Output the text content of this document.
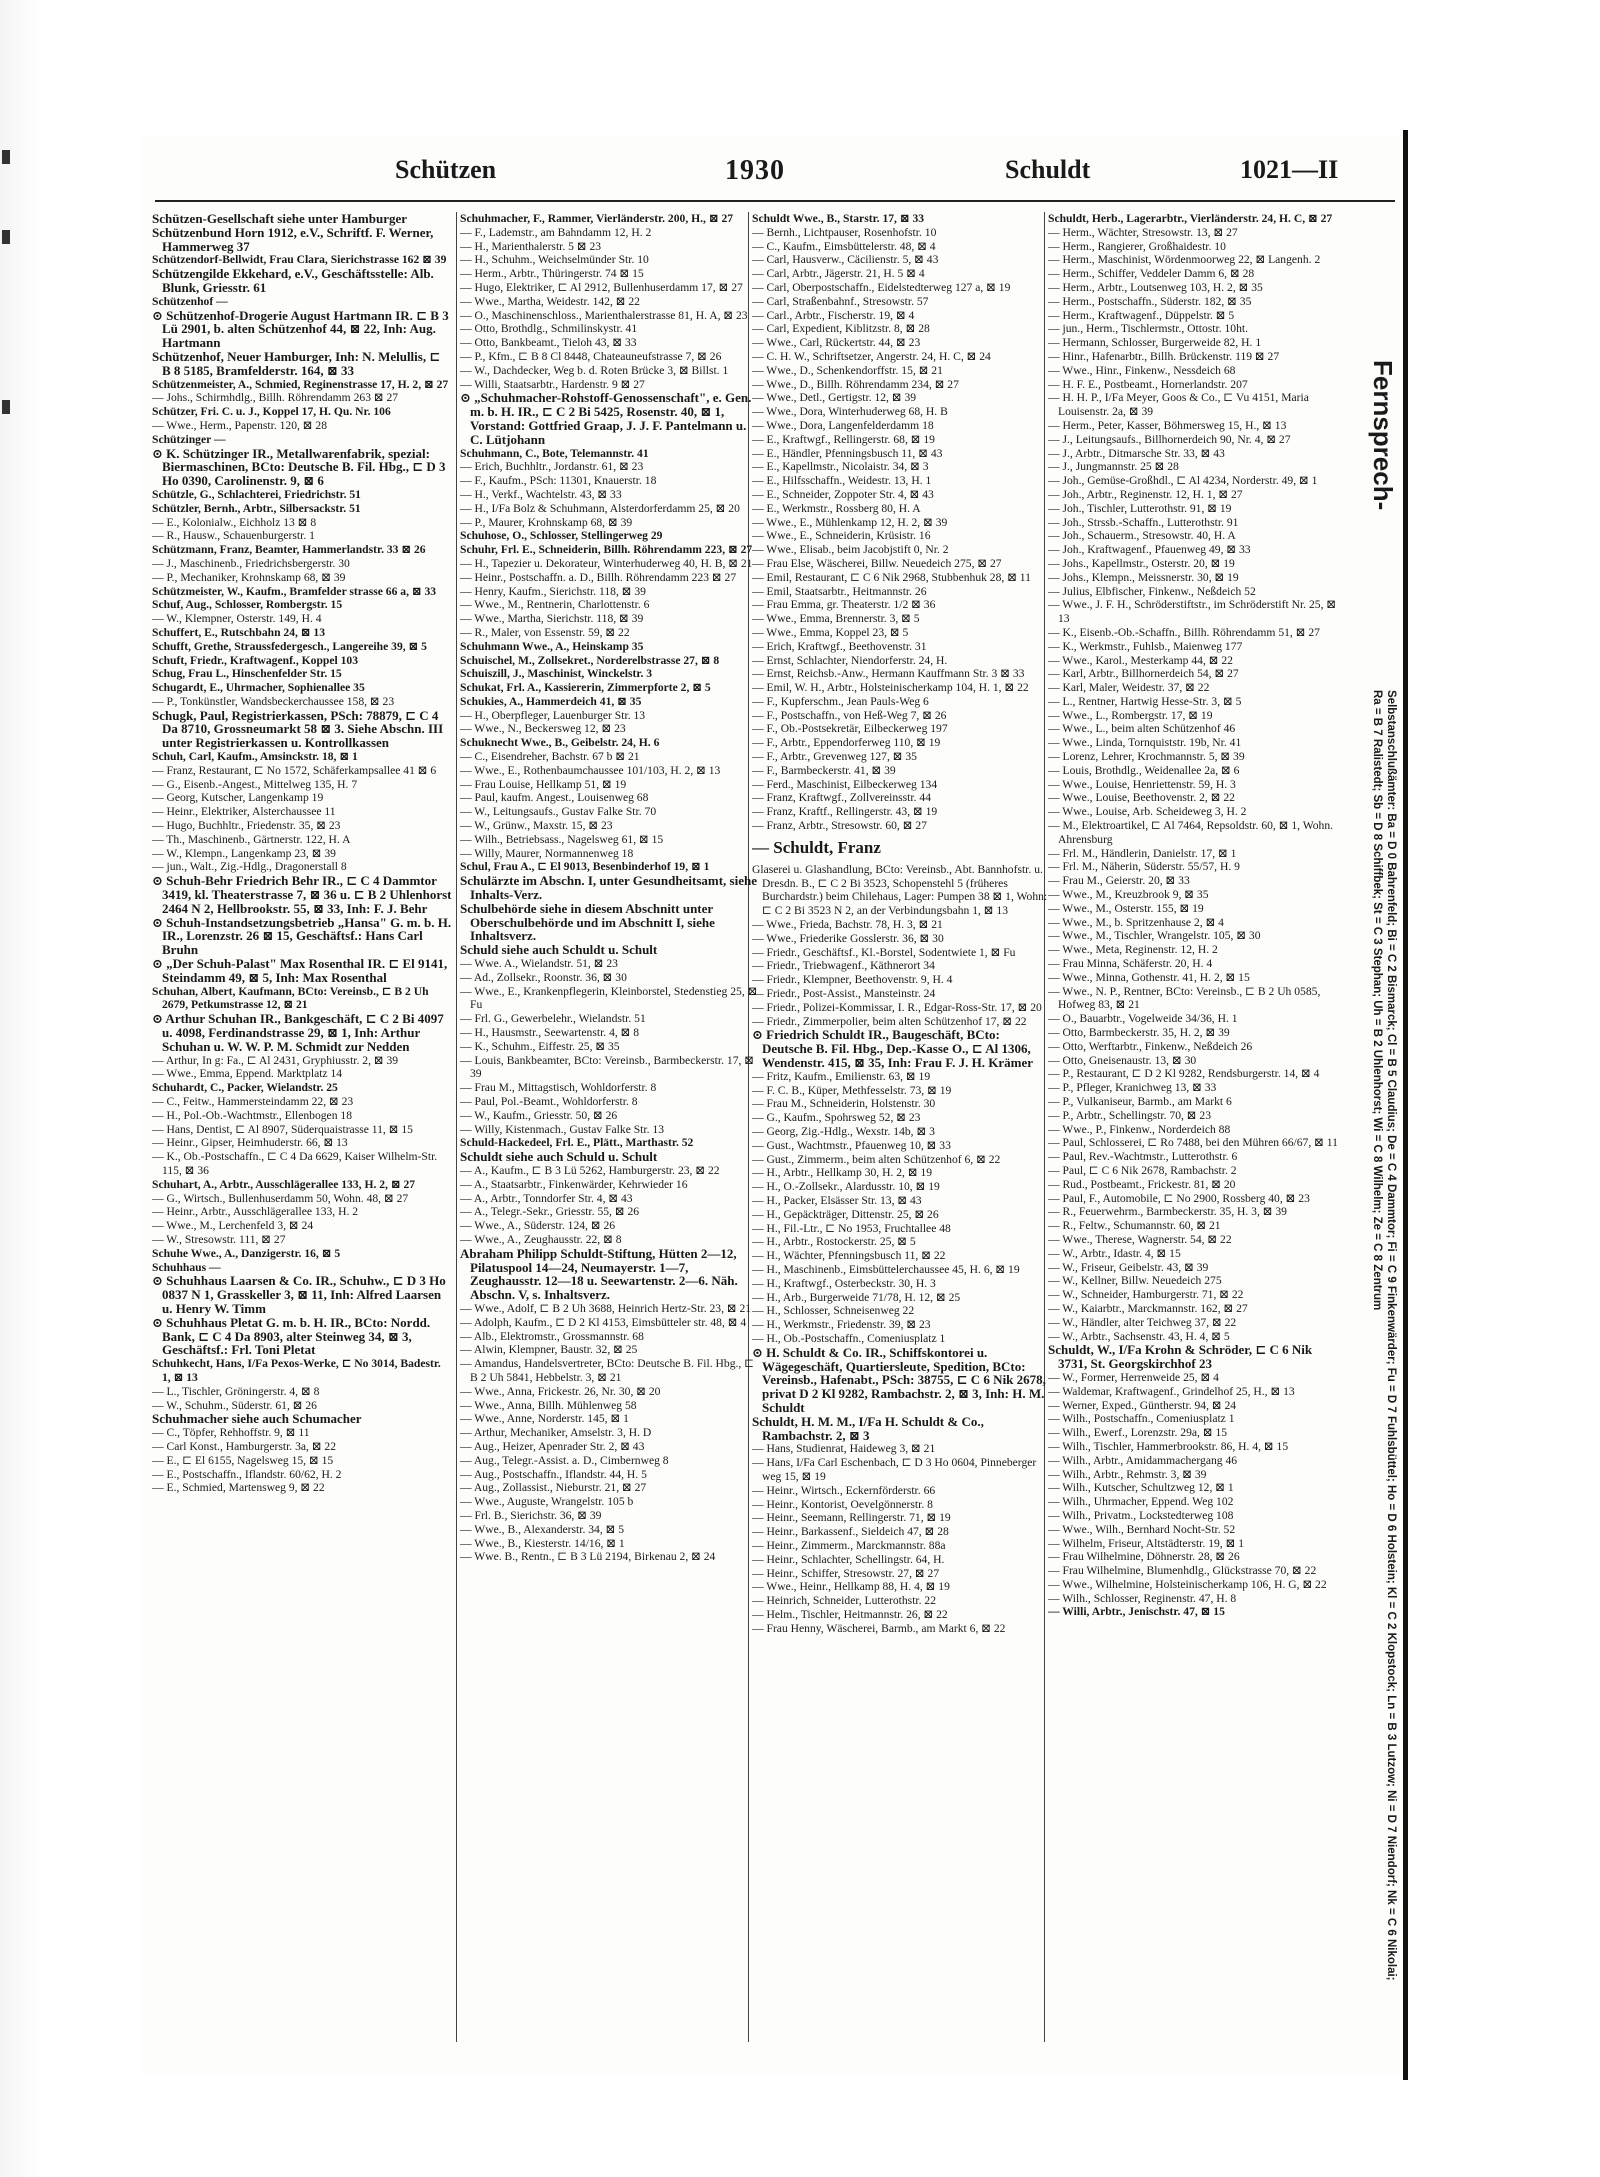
Schützen	1930	Schuldt	1021—II

Schützen-Gesellschaft siehe unter Hamburger

Schützenbund Horn 1912, e.V., Schriftf. F. Werner, Hammerweg 37

Schützendorf-Bellwidt, Frau Clara, Sierichstrasse 162 ⊠ 39

Schützengilde Ekkehard, e.V., Geschäftsstelle: Alb. Blunk, Griesstr. 61

Schützenhof —

⊙ Schützenhof-Drogerie August Hartmann IR. ⊏ B 3 Lü 2901, b. alten Schützenhof 44, ⊠ 22, Inh: Aug. Hartmann

Schützenhof, Neuer Hamburger, Inh: N. Melullis, ⊏ B 8 5185, Bramfelderstr. 164, ⊠ 33

Schützenmeister, A., Schmied, Reginenstrasse 17, H. 2, ⊠ 27

— Johs., Schirmhdlg., Billh. Röhrendamm 263 ⊠ 27

Schützer, Fri. C. u. J., Koppel 17, H. Qu. Nr. 106

— Wwe., Herm., Papenstr. 120, ⊠ 28

Schützinger —

⊙ K. Schützinger IR., Metallwarenfabrik, spezial: Biermaschinen, BCto: Deutsche B. Fil. Hbg., ⊏ D 3 Ho 0390, Carolinenstr. 9, ⊠ 6

Schützle, G., Schlachterei, Friedrichstr. 51

Schützler, Bernh., Arbtr., Silbersackstr. 51

— E., Kolonialw., Eichholz 13 ⊠ 8

— R., Hausw., Schauenburgerstr. 1

Schützmann, Franz, Beamter, Hammerlandstr. 33 ⊠ 26

— J., Maschinenb., Friedrichsbergerstr. 30

— P., Mechaniker, Krohnskamp 68, ⊠ 39

Schützmeister, W., Kaufm., Bramfelder strasse 66 a, ⊠ 33

Schuf, Aug., Schlosser, Rombergstr. 15

— W., Klempner, Osterstr. 149, H. 4

Schuffert, E., Rutschbahn 24, ⊠ 13

Schufft, Grethe, Straussfedergesch., Langereihe 39, ⊠ 5

Schuft, Friedr., Kraftwagenf., Koppel 103

Schug, Frau L., Hinschenfelder Str. 15

Schugardt, E., Uhrmacher, Sophienallee 35

— P., Tonkünstler, Wandsbeckerchaussee 158, ⊠ 23

Schugk, Paul, Registrierkassen, PSch: 78879, ⊏ C 4 Da 8710, Grossneumarkt 58 ⊠ 3. Siehe Abschn. III unter Registrierkassen u. Kontrollkassen

Schuh, Carl, Kaufm., Amsinckstr. 18, ⊠ 1

— Franz, Restaurant, ⊏ No 1572, Schäferkampsallee 41 ⊠ 6

— G., Eisenb.-Angest., Mittelweg 135, H. 7

— Georg, Kutscher, Langenkamp 19

— Heinr., Elektriker, Alsterchaussee 11

— Hugo, Buchhltr., Friedenstr. 35, ⊠ 23

— Th., Maschinenb., Gärtnerstr. 122, H. A

— W., Klempn., Langenkamp 23, ⊠ 39

— jun., Walt., Zig.-Hdlg., Dragonerstall 8

⊙ Schuh-Behr Friedrich Behr IR., ⊏ C 4 Dammtor 3419, kl. Theaterstrasse 7, ⊠ 36 u. ⊏ B 2 Uhlenhorst 2464 N 2, Hellbrookstr. 55, ⊠ 33, Inh: F. J. Behr

⊙ Schuh-Instandsetzungsbetrieb „Hansa" G. m. b. H. IR., Lorenzstr. 26 ⊠ 15, Geschäftsf.: Hans Carl Bruhn

⊙ „Der Schuh-Palast" Max Rosenthal IR. ⊏ El 9141, Steindamm 49, ⊠ 5, Inh: Max Rosenthal

Schuhan, Albert, Kaufmann, BCto: Vereinsb., ⊏ B 2 Uh 2679, Petkumstrasse 12, ⊠ 21

⊙ Arthur Schuhan IR., Bankgeschäft, ⊏ C 2 Bi 4097 u. 4098, Ferdinandstrasse 29, ⊠ 1, Inh: Arthur Schuhan u. W. W. P. M. Schmidt zur Nedden

— Arthur, In g: Fa., ⊏ Al 2431, Gryphiusstr. 2, ⊠ 39

— Wwe., Emma, Eppend. Marktplatz 14

Schuhardt, C., Packer, Wielandstr. 25

— C., Feitw., Hammersteindamm 22, ⊠ 23

— H., Pol.-Ob.-Wachtmstr., Ellenbogen 18

— Hans, Dentist, ⊏ Al 8907, Süderquaistrasse 11, ⊠ 15

— Heinr., Gipser, Heimhuderstr. 66, ⊠ 13

— K., Ob.-Postschaffn., ⊏ C 4 Da 6629, Kaiser Wilhelm-Str. 115, ⊠ 36

Schuhart, A., Arbtr., Ausschlägerallee 133, H. 2, ⊠ 27

— G., Wirtsch., Bullenhuserdamm 50, Wohn. 48, ⊠ 27

— Heinr., Arbtr., Ausschlägerallee 133, H. 2

— Wwe., M., Lerchenfeld 3, ⊠ 24

— W., Stresowstr. 111, ⊠ 27

Schuhe Wwe., A., Danzigerstr. 16, ⊠ 5

Schuhhaus —

⊙ Schuhhaus Laarsen & Co. IR., Schuhw., ⊏ D 3 Ho 0837 N 1, Grasskeller 3, ⊠ 11, Inh: Alfred Laarsen u. Henry W. Timm

⊙ Schuhhaus Pletat G. m. b. H. IR., BCto: Nordd. Bank, ⊏ C 4 Da 8903, alter Steinweg 34, ⊠ 3, Geschäftsf.: Frl. Toni Pletat

Schuhkecht, Hans, I/Fa Pexos-Werke, ⊏ No 3014, Badestr. 1, ⊠ 13

— L., Tischler, Gröningerstr. 4, ⊠ 8

— W., Schuhm., Süderstr. 61, ⊠ 26

Schuhmacher siehe auch Schumacher

— C., Töpfer, Rehhoffstr. 9, ⊠ 11

— Carl Konst., Hamburgerstr. 3a, ⊠ 22

— E., ⊏ El 6155, Nagelsweg 15, ⊠ 15

— E., Postschaffn., Iflandstr. 60/62, H. 2

— E., Schmied, Martensweg 9, ⊠ 22

Schuhmacher, F., Rammer, Vierländerstr. 200, H., ⊠ 27

— F., Lademstr., am Bahndamm 12, H. 2

— H., Marienthalerstr. 5 ⊠ 23

— H., Schuhm., Weichselmünder Str. 10

— Herm., Arbtr., Thüringerstr. 74 ⊠ 15

— Hugo, Elektriker, ⊏ Al 2912, Bullenhuserdamm 17, ⊠ 27

— Wwe., Martha, Weidestr. 142, ⊠ 22

— O., Maschinenschloss., Marienthalerstrasse 81, H. A, ⊠ 23

— Otto, Brothdlg., Schmilinskystr. 41

— Otto, Bankbeamt., Tieloh 43, ⊠ 33

— P., Kfm., ⊏ B 8 Cl 8448, Chateauneufstrasse 7, ⊠ 26

— W., Dachdecker, Weg b. d. Roten Brücke 3, ⊠ Billst. 1

— Willi, Staatsarbtr., Hardenstr. 9 ⊠ 27

⊙ „Schuhmacher-Rohstoff-Genossenschaft", e. Gen. m. b. H. IR., ⊏ C 2 Bi 5425, Rosenstr. 40, ⊠ 1, Vorstand: Gottfried Graap, J. J. F. Pantelmann u. C. Lütjohann

Schuhmann, C., Bote, Telemannstr. 41

— Erich, Buchhltr., Jordanstr. 61, ⊠ 23

— F., Kaufm., PSch: 11301, Knauerstr. 18

— H., Verkf., Wachtelstr. 43, ⊠ 33

— H., I/Fa Bolz & Schuhmann, Alsterdorferdamm 25, ⊠ 20

— P., Maurer, Krohnskamp 68, ⊠ 39

Schuhose, O., Schlosser, Stellingerweg 29

Schuhr, Frl. E., Schneiderin, Billh. Röhrendamm 223, ⊠ 27

— H., Tapezier u. Dekorateur, Winterhuderweg 40, H. B, ⊠ 21

— Heinr., Postschaffn. a. D., Billh. Röhrendamm 223 ⊠ 27

— Henry, Kaufm., Sierichstr. 118, ⊠ 39

— Wwe., M., Rentnerin, Charlottenstr. 6

— Wwe., Martha, Sierichstr. 118, ⊠ 39

— R., Maler, von Essenstr. 59, ⊠ 22

Schuhmann Wwe., A., Heinskamp 35

Schuischel, M., Zollsekret., Norderelbstrasse 27, ⊠ 8

Schuiszill, J., Maschinist, Winckelstr. 3

Schukat, Frl. A., Kassiererin, Zimmerpforte 2, ⊠ 5

Schukies, A., Hammerdeich 41, ⊠ 35

— H., Oberpfleger, Lauenburger Str. 13

— Wwe., N., Beckersweg 12, ⊠ 23

Schuknecht Wwe., B., Geibelstr. 24, H. 6

— C., Eisendreher, Bachstr. 67 b ⊠ 21

— Wwe., E., Rothenbaumchaussee 101/103, H. 2, ⊠ 13

— Frau Louise, Hellkamp 51, ⊠ 19

— Paul, kaufm. Angest., Louisenweg 68

— W., Leitungsaufs., Gustav Falke Str. 70

— W., Grünw., Maxstr. 15, ⊠ 23

— Wilh., Betriebsass., Nagelsweg 61, ⊠ 15

— Willy, Maurer, Normannenweg 18

Schul, Frau A., ⊏ El 9013, Besenbinderhof 19, ⊠ 1

Schulärzte im Abschn. I, unter Gesundheitsamt, siehe Inhalts-Verz.

Schulbehörde siehe in diesem Abschnitt unter Oberschulbehörde und im Abschnitt I, siehe Inhaltsverz.

Schuld siehe auch Schuldt u. Schult

— Wwe. A., Wielandstr. 51, ⊠ 23

— Ad., Zollsekr., Roonstr. 36, ⊠ 30

— Wwe., E., Krankenpflegerin, Kleinborstel, Stedenstieg 25, ⊠ Fu

— Frl. G., Gewerbelehr., Wielandstr. 51

— H., Hausmstr., Seewartenstr. 4, ⊠ 8

— K., Schuhm., Eiffestr. 25, ⊠ 35

— Louis, Bankbeamter, BCto: Vereinsb., Barmbeckerstr. 17, ⊠ 39

— Frau M., Mittagstisch, Wohldorferstr. 8

— Paul, Pol.-Beamt., Wohldorferstr. 8

— W., Kaufm., Griesstr. 50, ⊠ 26

— Willy, Kistenmach., Gustav Falke Str. 13

Schuld-Hackedeel, Frl. E., Plätt., Marthastr. 52

Schuldt siehe auch Schuld u. Schult

— A., Kaufm., ⊏ B 3 Lü 5262, Hamburgerstr. 23, ⊠ 22

— A., Staatsarbtr., Finkenwärder, Kehrwieder 16

— A., Arbtr., Tonndorfer Str. 4, ⊠ 43

— A., Telegr.-Sekr., Griesstr. 55, ⊠ 26

— Wwe., A., Süderstr. 124, ⊠ 26

— Wwe., A., Zeughausstr. 22, ⊠ 8

Abraham Philipp Schuldt-Stiftung, Hütten 2—12, Pilatuspool 14—24, Neumayerstr. 1—7, Zeughausstr. 12—18 u. Seewartenstr. 2—6. Näh. Abschn. V, s. Inhaltsverz.

— Wwe., Adolf, ⊏ B 2 Uh 3688, Heinrich Hertz-Str. 23, ⊠ 21

— Adolph, Kaufm., ⊏ D 2 Kl 4153, Eimsbütteler str. 48, ⊠ 4

— Alb., Elektromstr., Grossmannstr. 68

— Alwin, Klempner, Baustr. 32, ⊠ 25

— Amandus, Handelsvertreter, BCto: Deutsche B. Fil. Hbg., ⊏ B 2 Uh 5841, Hebbelstr. 3, ⊠ 21

— Wwe., Anna, Frickestr. 26, Nr. 30, ⊠ 20

— Wwe., Anna, Billh. Mühlenweg 58

— Wwe., Anne, Norderstr. 145, ⊠ 1

— Arthur, Mechaniker, Amselstr. 3, H. D

— Aug., Heizer, Apenrader Str. 2, ⊠ 43

— Aug., Telegr.-Assist. a. D., Cimbernweg 8

— Aug., Postschaffn., Iflandstr. 44, H. 5

— Aug., Zollassist., Nieburstr. 21, ⊠ 27

— Wwe., Auguste, Wrangelstr. 105 b

— Frl. B., Sierichstr. 36, ⊠ 39

— Wwe., B., Alexanderstr. 34, ⊠ 5

— Wwe., B., Kiesterstr. 14/16, ⊠ 1

— Wwe. B., Rentn., ⊏ B 3 Lü 2194, Birkenau 2, ⊠ 24

Schuldt Wwe., B., Starstr. 17, ⊠ 33

— Bernh., Lichtpauser, Rosenhofstr. 10

— C., Kaufm., Eimsbüttelerstr. 48, ⊠ 4

— Carl, Hausverw., Cäcilienstr. 5, ⊠ 43

— Carl, Arbtr., Jägerstr. 21, H. 5 ⊠ 4

— Carl, Oberpostschaffn., Eidelstedterweg 127 a, ⊠ 19

— Carl, Straßenbahnf., Stresowstr. 57

— Carl., Arbtr., Fischerstr. 19, ⊠ 4

— Carl, Expedient, Kiblitzstr. 8, ⊠ 28

— Wwe., Carl, Rückertstr. 44, ⊠ 23

— C. H. W., Schriftsetzer, Angerstr. 24, H. C, ⊠ 24

— Wwe., D., Schenkendorffstr. 15, ⊠ 21

— Wwe., D., Billh. Röhrendamm 234, ⊠ 27

— Wwe., Detl., Gertigstr. 12, ⊠ 39

— Wwe., Dora, Winterhuderweg 68, H. B

— Wwe., Dora, Langenfelderdamm 18

— E., Kraftwgf., Rellingerstr. 68, ⊠ 19

— E., Händler, Pfenningsbusch 11, ⊠ 43

— E., Kapellmstr., Nicolaistr. 34, ⊠ 3

— E., Hilfsschaffn., Weidestr. 13, H. 1

— E., Schneider, Zoppoter Str. 4, ⊠ 43

— E., Werkmstr., Rossberg 80, H. A

— Wwe., E., Mühlenkamp 12, H. 2, ⊠ 39

— Wwe., E., Schneiderin, Krüsistr. 16

— Wwe., Elisab., beim Jacobjstift 0, Nr. 2

— Frau Else, Wäscherei, Billw. Neuedeich 275, ⊠ 27

— Emil, Restaurant, ⊏ C 6 Nik 2968, Stubbenhuk 28, ⊠ 11

— Emil, Staatsarbtr., Heitmannstr. 26

— Frau Emma, gr. Theaterstr. 1/2 ⊠ 36

— Wwe., Emma, Brennerstr. 3, ⊠ 5

— Wwe., Emma, Koppel 23, ⊠ 5

— Erich, Kraftwgf., Beethovenstr. 31

— Ernst, Schlachter, Niendorferstr. 24, H.

— Ernst, Reichsb.-Anw., Hermann Kauffmann Str. 3 ⊠ 33

— Emil, W. H., Arbtr., Holsteinischerkamp 104, H. 1, ⊠ 22

— F., Kupferschm., Jean Pauls-Weg 6

— F., Postschaffn., von Heß-Weg 7, ⊠ 26

— F., Ob.-Postsekretär, Eilbeckerweg 197

— F., Arbtr., Eppendorferweg 110, ⊠ 19

— F., Arbtr., Grevenweg 127, ⊠ 35

— F., Barmbeckerstr. 41, ⊠ 39

— Ferd., Maschinist, Eilbeckerweg 134

— Franz, Kraftwgf., Zollvereinsstr. 44

— Franz, Kraftf., Rellingerstr. 43, ⊠ 19

— Franz, Arbtr., Stresowstr. 60, ⊠ 27

— Schuldt, Franz

Glaserei u. Glashandlung, BCto: Vereinsb., Abt. Bannhofstr. u. Dresdn. B., ⊏ C 2 Bi 3523, Schopenstehl 5 (früheres Burchardstr.) beim Chilehaus, Lager: Pumpen 38 ⊠ 1, Wohn: ⊏ C 2 Bi 3523 N 2, an der Verbindungsbahn 1, ⊠ 13

— Wwe., Frieda, Bachstr. 78, H. 3, ⊠ 21

— Wwe., Friederike Gosslerstr. 36, ⊠ 30

— Friedr., Geschäftsf., Kl.-Borstel, Sodentwiete 1, ⊠ Fu

— Friedr., Triebwagenf., Käthnerort 34

— Friedr., Klempner, Beethovenstr. 9, H. 4

— Friedr., Post-Assist., Mansteinstr. 24

— Friedr., Polizei-Kommissar, I. R., Edgar-Ross-Str. 17, ⊠ 20

— Friedr., Zimmerpolier, beim alten Schützenhof 17, ⊠ 22

⊙ Friedrich Schuldt IR., Baugeschäft, BCto: Deutsche B. Fil. Hbg., Dep.-Kasse O., ⊏ Al 1306, Wendenstr. 415, ⊠ 35, Inh: Frau F. J. H. Krämer

— Fritz, Kaufm., Emilienstr. 63, ⊠ 19

— F. C. B., Küper, Methfesselstr. 73, ⊠ 19

— Frau M., Schneiderin, Holstenstr. 30

— G., Kaufm., Spohrsweg 52, ⊠ 23

— Georg, Zig.-Hdlg., Wexstr. 14b, ⊠ 3

— Gust., Wachtmstr., Pfauenweg 10, ⊠ 33

— Gust., Zimmerm., beim alten Schützenhof 6, ⊠ 22

— H., Arbtr., Hellkamp 30, H. 2, ⊠ 19

— H., O.-Zollsekr., Alardusstr. 10, ⊠ 19

— H., Packer, Elsässer Str. 13, ⊠ 43

— H., Gepäckträger, Dittenstr. 25, ⊠ 26

— H., Fil.-Ltr., ⊏ No 1953, Fruchtallee 48

— H., Arbtr., Rostockerstr. 25, ⊠ 5

— H., Wächter, Pfenningsbusch 11, ⊠ 22

— H., Maschinenb., Eimsbüttelerchaussee 45, H. 6, ⊠ 19

— H., Kraftwgf., Osterbeckstr. 30, H. 3

— H., Arb., Burgerweide 71/78, H. 12, ⊠ 25

— H., Schlosser, Schneisenweg 22

— H., Werkmstr., Friedenstr. 39, ⊠ 23

— H., Ob.-Postschaffn., Comeniusplatz 1

⊙ H. Schuldt & Co. IR., Schiffskontorei u. Wägegeschäft, Quartiersleute, Spedition, BCto: Vereinsb., Hafenabt., PSch: 38755, ⊏ C 6 Nik 2678, privat D 2 Kl 9282, Rambachstr. 2, ⊠ 3, Inh: H. M. Schuldt

Schuldt, H. M. M., I/Fa H. Schuldt & Co., Rambachstr. 2, ⊠ 3

— Hans, Studienrat, Haideweg 3, ⊠ 21

— Hans, I/Fa Carl Eschenbach, ⊏ D 3 Ho 0604, Pinneberger weg 15, ⊠ 19

— Heinr., Wirtsch., Eckernförderstr. 66

— Heinr., Kontorist, Oevelgönnerstr. 8

— Heinr., Seemann, Rellingerstr. 71, ⊠ 19

— Heinr., Barkassenf., Sieldeich 47, ⊠ 28

— Heinr., Zimmerm., Marckmannstr. 88a

— Heinr., Schlachter, Schellingstr. 64, H.

— Heinr., Schiffer, Stresowstr. 27, ⊠ 27

— Wwe., Heinr., Hellkamp 88, H. 4, ⊠ 19

— Heinrich, Schneider, Lutterothstr. 22

— Helm., Tischler, Heitmannstr. 26, ⊠ 22

— Frau Henny, Wäscherei, Barmb., am Markt 6, ⊠ 22

Schuldt, Herb., Lagerarbtr., Vierländerstr. 24, H. C, ⊠ 27

— Herm., Wächter, Stresowstr. 13, ⊠ 27

— Herm., Rangierer, Großhaidestr. 10

— Herm., Maschinist, Wördenmoorweg 22, ⊠ Langenh. 2

— Herm., Schiffer, Veddeler Damm 6, ⊠ 28

— Herm., Arbtr., Loutsenweg 103, H. 2, ⊠ 35

— Herm., Postschaffn., Süderstr. 182, ⊠ 35

— Herm., Kraftwagenf., Düppelstr. ⊠ 5

— jun., Herm., Tischlermstr., Ottostr. 10ht.

— Hermann, Schlosser, Burgerweide 82, H. 1

— Hinr., Hafenarbtr., Billh. Brückenstr. 119 ⊠ 27

— Wwe., Hinr., Finkenw., Nessdeich 68

— H. F. E., Postbeamt., Hornerlandstr. 207

— H. H. P., I/Fa Meyer, Goos & Co., ⊏ Vu 4151, Maria Louisenstr. 2a, ⊠ 39

— Herm., Peter, Kasser, Böhmersweg 15, H., ⊠ 13

— J., Leitungsaufs., Billhornerdeich 90, Nr. 4, ⊠ 27

— J., Arbtr., Ditmarsche Str. 33, ⊠ 43

— J., Jungmannstr. 25 ⊠ 28

— Joh., Gemüse-Großhdl., ⊏ Al 4234, Norderstr. 49, ⊠ 1

— Joh., Arbtr., Reginenstr. 12, H. 1, ⊠ 27

— Joh., Tischler, Lutterothstr. 91, ⊠ 19

— Joh., Strssb.-Schaffn., Lutterothstr. 91

— Joh., Schauerm., Stresowstr. 40, H. A

— Joh., Kraftwagenf., Pfauenweg 49, ⊠ 33

— Johs., Kapellmstr., Osterstr. 20, ⊠ 19

— Johs., Klempn., Meissnerstr. 30, ⊠ 19

— Julius, Elbfischer, Finkenw., Neßdeich 52

— Wwe., J. F. H., Schröderstiftstr., im Schröderstift Nr. 25, ⊠ 13

— K., Eisenb.-Ob.-Schaffn., Billh. Röhrendamm 51, ⊠ 27

— K., Werkmstr., Fuhlsb., Maienweg 177

— Wwe., Karol., Mesterkamp 44, ⊠ 22

— Karl, Arbtr., Billhornerdeich 54, ⊠ 27

— Karl, Maler, Weidestr. 37, ⊠ 22

— L., Rentner, Hartwig Hesse-Str. 3, ⊠ 5

— Wwe., L., Rombergstr. 17, ⊠ 19

— Wwe., L., beim alten Schützenhof 46

— Wwe., Linda, Tornquiststr. 19b, Nr. 41

— Lorenz, Lehrer, Krochmannstr. 5, ⊠ 39

— Louis, Brothdlg., Weidenallee 2a, ⊠ 6

— Wwe., Louise, Henriettenstr. 59, H. 3

— Wwe., Louise, Beethovenstr. 2, ⊠ 22

— Wwe., Louise, Arb. Scheideweg 3, H. 2

— M., Elektroartikel, ⊏ Al 7464, Repsoldstr. 60, ⊠ 1, Wohn. Ahrensburg

— Frl. M., Händlerin, Danielstr. 17, ⊠ 1

— Frl. M., Näherin, Süderstr. 55/57, H. 9

— Frau M., Geierstr. 20, ⊠ 33

— Wwe., M., Kreuzbrook 9, ⊠ 35

— Wwe., M., Osterstr. 155, ⊠ 19

— Wwe., M., b. Spritzenhause 2, ⊠ 4

— Wwe., M., Tischler, Wrangelstr. 105, ⊠ 30

— Wwe., Meta, Reginenstr. 12, H. 2

— Frau Minna, Schäferstr. 20, H. 4

— Wwe., Minna, Gothenstr. 41, H. 2, ⊠ 15

— Wwe., N. P., Rentner, BCto: Vereinsb., ⊏ B 2 Uh 0585, Hofweg 83, ⊠ 21

— O., Bauarbtr., Vogelweide 34/36, H. 1

— Otto, Barmbeckerstr. 35, H. 2, ⊠ 39

— Otto, Werftarbtr., Finkenw., Neßdeich 26

— Otto, Gneisenaustr. 13, ⊠ 30

— P., Restaurant, ⊏ D 2 Kl 9282, Rendsburgerstr. 14, ⊠ 4

— P., Pfleger, Kranichweg 13, ⊠ 33

— P., Vulkaniseur, Barmb., am Markt 6

— P., Arbtr., Schellingstr. 70, ⊠ 23

— Wwe., P., Finkenw., Norderdeich 88

— Paul, Schlosserei, ⊏ Ro 7488, bei den Mühren 66/67, ⊠ 11

— Paul, Rev.-Wachtmstr., Lutterothstr. 6

— Paul, ⊏ C 6 Nik 2678, Rambachstr. 2

— Rud., Postbeamt., Frickestr. 81, ⊠ 20

— Paul, F., Automobile, ⊏ No 2900, Rossberg 40, ⊠ 23

— R., Feuerwehrm., Barmbeckerstr. 35, H. 3, ⊠ 39

— R., Feltw., Schumannstr. 60, ⊠ 21

— Wwe., Therese, Wagnerstr. 54, ⊠ 22

— W., Arbtr., Idastr. 4, ⊠ 15

— W., Friseur, Geibelstr. 43, ⊠ 39

— W., Kellner, Billw. Neuedeich 275

— W., Schneider, Hamburgerstr. 71, ⊠ 22

— W., Kaiarbtr., Marckmannstr. 162, ⊠ 27

— W., Händler, alter Teichweg 37, ⊠ 22

— W., Arbtr., Sachsenstr. 43, H. 4, ⊠ 5

Schuldt, W., I/Fa Krohn & Schröder, ⊏ C 6 Nik 3731, St. Georgskirchhof 23

— W., Former, Herrenweide 25, ⊠ 4

— Waldemar, Kraftwagenf., Grindelhof 25, H., ⊠ 13

— Werner, Exped., Güntherstr. 94, ⊠ 24

— Wilh., Postschaffn., Comeniusplatz 1

— Wilh., Ewerf., Lorenzstr. 29a, ⊠ 15

— Wilh., Tischler, Hammerbrookstr. 86, H. 4, ⊠ 15

— Wilh., Arbtr., Amidammachergang 46

— Wilh., Arbtr., Rehmstr. 3, ⊠ 39

— Wilh., Kutscher, Schultzweg 12, ⊠ 1

— Wilh., Uhrmacher, Eppend. Weg 102

— Wilh., Privatm., Lockstedterweg 108

— Wwe., Wilh., Bernhard Nocht-Str. 52

— Wilhelm, Friseur, Altstädterstr. 19, ⊠ 1

— Frau Wilhelmine, Döhnerstr. 28, ⊠ 26

— Frau Wilhelmine, Blumenhdlg., Glückstrasse 70, ⊠ 22

— Wwe., Wilhelmine, Holsteinischerkamp 106, H. G, ⊠ 22

— Wilh., Schlosser, Reginenstr. 47, H. 8

— Willi, Arbtr., Jenischstr. 47, ⊠ 15

Fernsprech-
Selbstanschlußämter: Ba = D 0 Bahrenfeld; Bi = C 2 Bismarck; Cl = B 5 Claudius; De = C 4 Dammtor; Fi = C 9 Finkenwärder; Fu = D 7 Fuhlsbüttel; Ho = D 6 Holstein; Kl = C 2 Klopstock; Ln = B 3 Lutzow; Ni = D 7 Niendorf; Nk = C 6 Nikolai; Ra = B 7 Ralistedt; Sb = D 8 Schiffbek; St = C 3 Stephan; Uh = B 2 Uhlenhorst; Wi = C 8 Wilhelm; Ze = C 8 Zentrum
